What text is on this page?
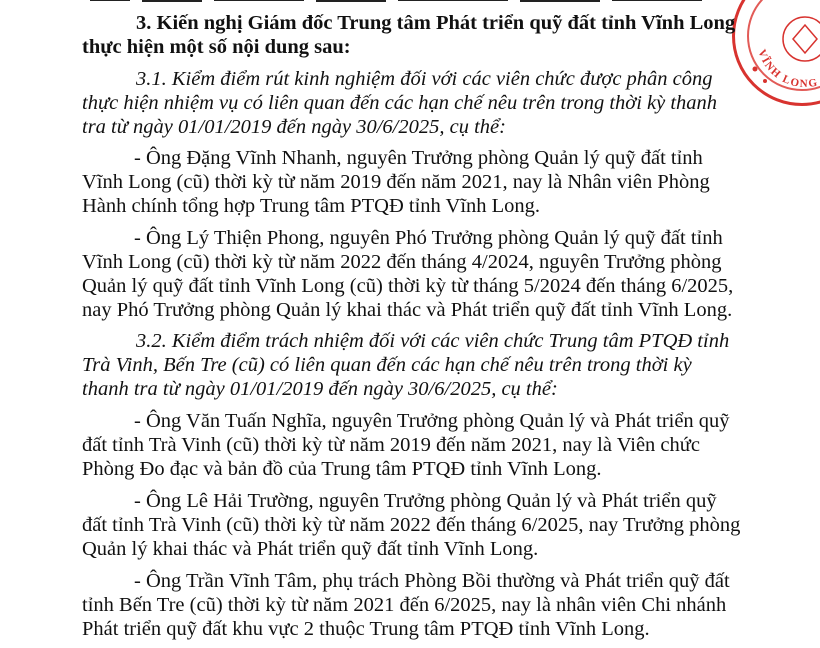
VĨNH LONG

3. Kiến nghị Giám đốc Trung tâm Phát triển quỹ đất tỉnh Vĩnh Long

thực hiện một số nội dung sau:

3.1. Kiểm điểm rút kinh nghiệm đối với các viên chức được phân công

thực hiện nhiệm vụ có liên quan đến các hạn chế nêu trên trong thời kỳ thanh

tra từ ngày 01/01/2019 đến ngày 30/6/2025, cụ thể:

- Ông Đặng Vĩnh Nhanh, nguyên Trưởng phòng Quản lý quỹ đất tỉnh

Vĩnh Long (cũ) thời kỳ từ năm 2019 đến năm 2021, nay là Nhân viên Phòng

Hành chính tổng hợp Trung tâm PTQĐ tỉnh Vĩnh Long.

- Ông Lý Thiện Phong, nguyên Phó Trưởng phòng Quản lý quỹ đất tỉnh

Vĩnh Long (cũ) thời kỳ từ năm 2022 đến tháng 4/2024, nguyên Trưởng phòng

Quản lý quỹ đất tỉnh Vĩnh Long (cũ) thời kỳ từ tháng 5/2024 đến tháng 6/2025,

nay Phó Trưởng phòng Quản lý khai thác và Phát triển quỹ đất tỉnh Vĩnh Long.

3.2. Kiểm điểm trách nhiệm đối với các viên chức Trung tâm PTQĐ tỉnh

Trà Vinh, Bến Tre (cũ) có liên quan đến các hạn chế nêu trên trong thời kỳ

thanh tra từ ngày 01/01/2019 đến ngày 30/6/2025, cụ thể:

- Ông Văn Tuấn Nghĩa, nguyên Trưởng phòng Quản lý và Phát triển quỹ

đất tỉnh Trà Vinh (cũ) thời kỳ từ năm 2019 đến năm 2021, nay là Viên chức

Phòng Đo đạc và bản đồ của Trung tâm PTQĐ tỉnh Vĩnh Long.

- Ông Lê Hải Trường, nguyên Trưởng phòng Quản lý và Phát triển quỹ

đất tỉnh Trà Vinh (cũ) thời kỳ từ năm 2022 đến tháng 6/2025, nay Trưởng phòng

Quản lý khai thác và Phát triển quỹ đất tỉnh Vĩnh Long.

- Ông Trần Vĩnh Tâm, phụ trách Phòng Bồi thường và Phát triển quỹ đất

tỉnh Bến Tre (cũ) thời kỳ từ năm 2021 đến 6/2025, nay là nhân viên Chi nhánh

Phát triển quỹ đất khu vực 2 thuộc Trung tâm PTQĐ tỉnh Vĩnh Long.
